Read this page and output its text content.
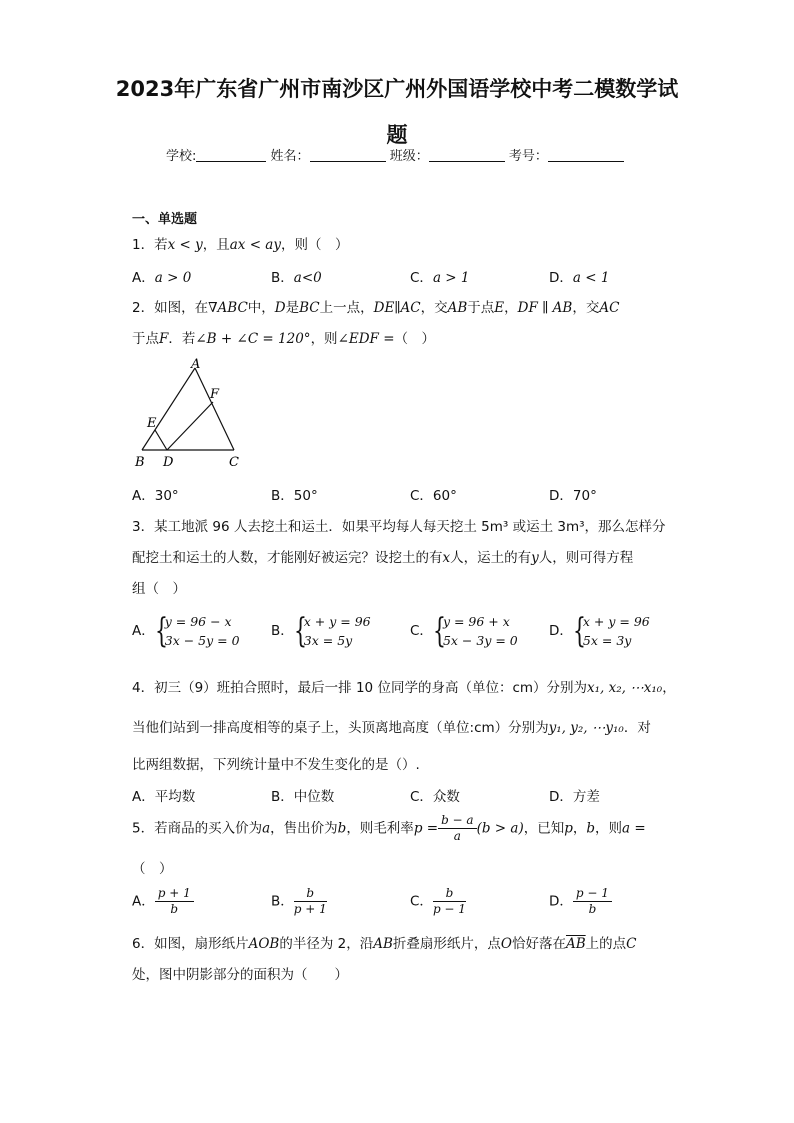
2023年广东省广州市南沙区广州外国语学校中考二模数学试
题
学校:	姓名：	班级：	考号：
一、单选题
1．若x < y，且ax < ay，则（　）
A．a > 0	B．a<0	C．a > 1	D．a < 1
2．如图，在∇ABC中，D是BC上一点，DE∥AC，交AB于点E，DF ∥ AB，交AC
于点F．若∠B + ∠C = 120°，则∠EDF =（　）
A
F
E
B D	C
A．30°	B．50°	C．60°	D．70°
3．某工地派 96 人去挖土和运土．如果平均每人每天挖土 5m³ 或运土 3m³，那么怎样分
配挖土和运土的人数，才能刚好被运完？设挖土的有x人，运土的有y人，则可得方程
组（　）
A． {
y = 96 − x
3x − 5y = 0
B． {
x + y = 96
3x = 5y
C． {
y = 96 + x
5x − 3y = 0
D． {
x + y = 96
5x = 3y
4．初三（9）班拍合照时，最后一排 10 位同学的身高（单位：cm）分别为x₁, x₂, ⋯x₁₀，
当他们站到一排高度相等的桌子上，头顶离地高度（单位:cm）分别为y₁, y₂, ⋯y₁₀．对
比两组数据，下列统计量中不发生变化的是（）.
A．平均数	B．中位数	C．众数	D．方差
5．若商品的买入价为a，售出价为b，则毛利率$p = \frac{b - a}{a} (b > a)$，已知p，b，则a =
（　）
A． $\frac{p + 1}{b}$	B． $\frac{b}{p + 1}$	C． $\frac{b}{p - 1}$	D． $\frac{p - 1}{b}$
6．如图，扇形纸片AOB的半径为 2，沿AB折叠扇形纸片，点O恰好落在$\overline{AB}$上的点C
处，图中阴影部分的面积为（　　）
